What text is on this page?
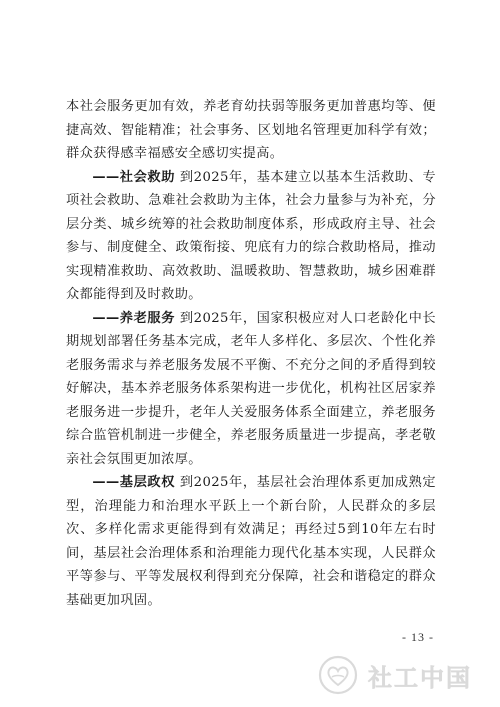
本社会服务更加有效，养老育幼扶弱等服务更加普惠均等、便捷高效、智能精准；社会事务、区划地名管理更加科学有效；群众获得感幸福感安全感切实提高。

——社会救助 到2025年，基本建立以基本生活救助、专项社会救助、急难社会救助为主体，社会力量参与为补充，分层分类、城乡统筹的社会救助制度体系，形成政府主导、社会参与、制度健全、政策衔接、兜底有力的综合救助格局，推动实现精准救助、高效救助、温暖救助、智慧救助，城乡困难群众都能得到及时救助。

——养老服务 到2025年，国家积极应对人口老龄化中长期规划部署任务基本完成，老年人多样化、多层次、个性化养老服务需求与养老服务发展不平衡、不充分之间的矛盾得到较好解决，基本养老服务体系架构进一步优化，机构社区居家养老服务进一步提升，老年人关爱服务体系全面建立，养老服务综合监管机制进一步健全，养老服务质量进一步提高，孝老敬亲社会氛围更加浓厚。

——基层政权 到2025年，基层社会治理体系更加成熟定型，治理能力和治理水平跃上一个新台阶，人民群众的多层次、多样化需求更能得到有效满足；再经过5到10年左右时间，基层社会治理体系和治理能力现代化基本实现，人民群众平等参与、平等发展权利得到充分保障，社会和谐稳定的群众基础更加巩固。

- 13 -
社工中国
